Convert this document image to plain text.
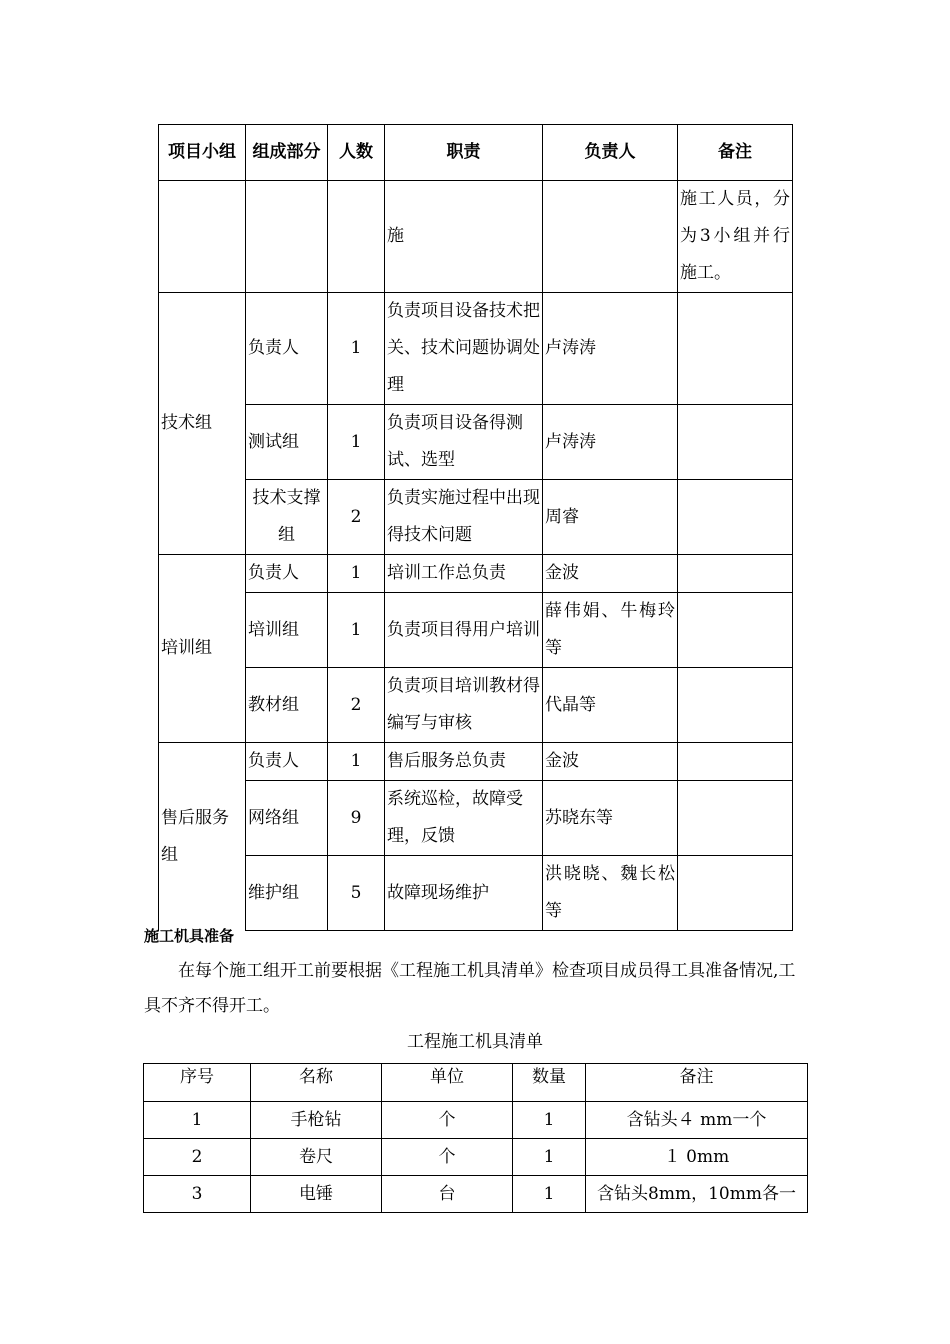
项目小组	组成部分	人数	职责	负责人	备注
			施		施工人员，分为3小组并行施工。
技术组	负责人	1	负责项目设备技术把关、技术问题协调处理	卢涛涛	
	测试组	1	负责项目设备得测试、选型	卢涛涛	
	技术支撑组	2	负责实施过程中出现得技术问题	周睿	
培训组	负责人	1	培训工作总负责	金波	
	培训组	1	负责项目得用户培训	薛伟娟、牛梅玲等	
	教材组	2	负责项目培训教材得编写与审核	代晶等	
售后服务组	负责人	1	售后服务总负责	金波	
	网络组	9	系统巡检，故障受理，反馈	苏晓东等	
	维护组	5	故障现场维护	洪晓晓、魏长松等	
施工机具准备

在每个施工组开工前要根据《工程施工机具清单》检查项目成员得工具准备情况,工具不齐不得开工。

工程施工机具清单

序号	名称	单位	数量	备注
1	手枪钻	个	1	含钻头４ mm一个
2	卷尺	个	1	１ 0mm
3	电锤	台	1	含钻头8mm，10mm各一
